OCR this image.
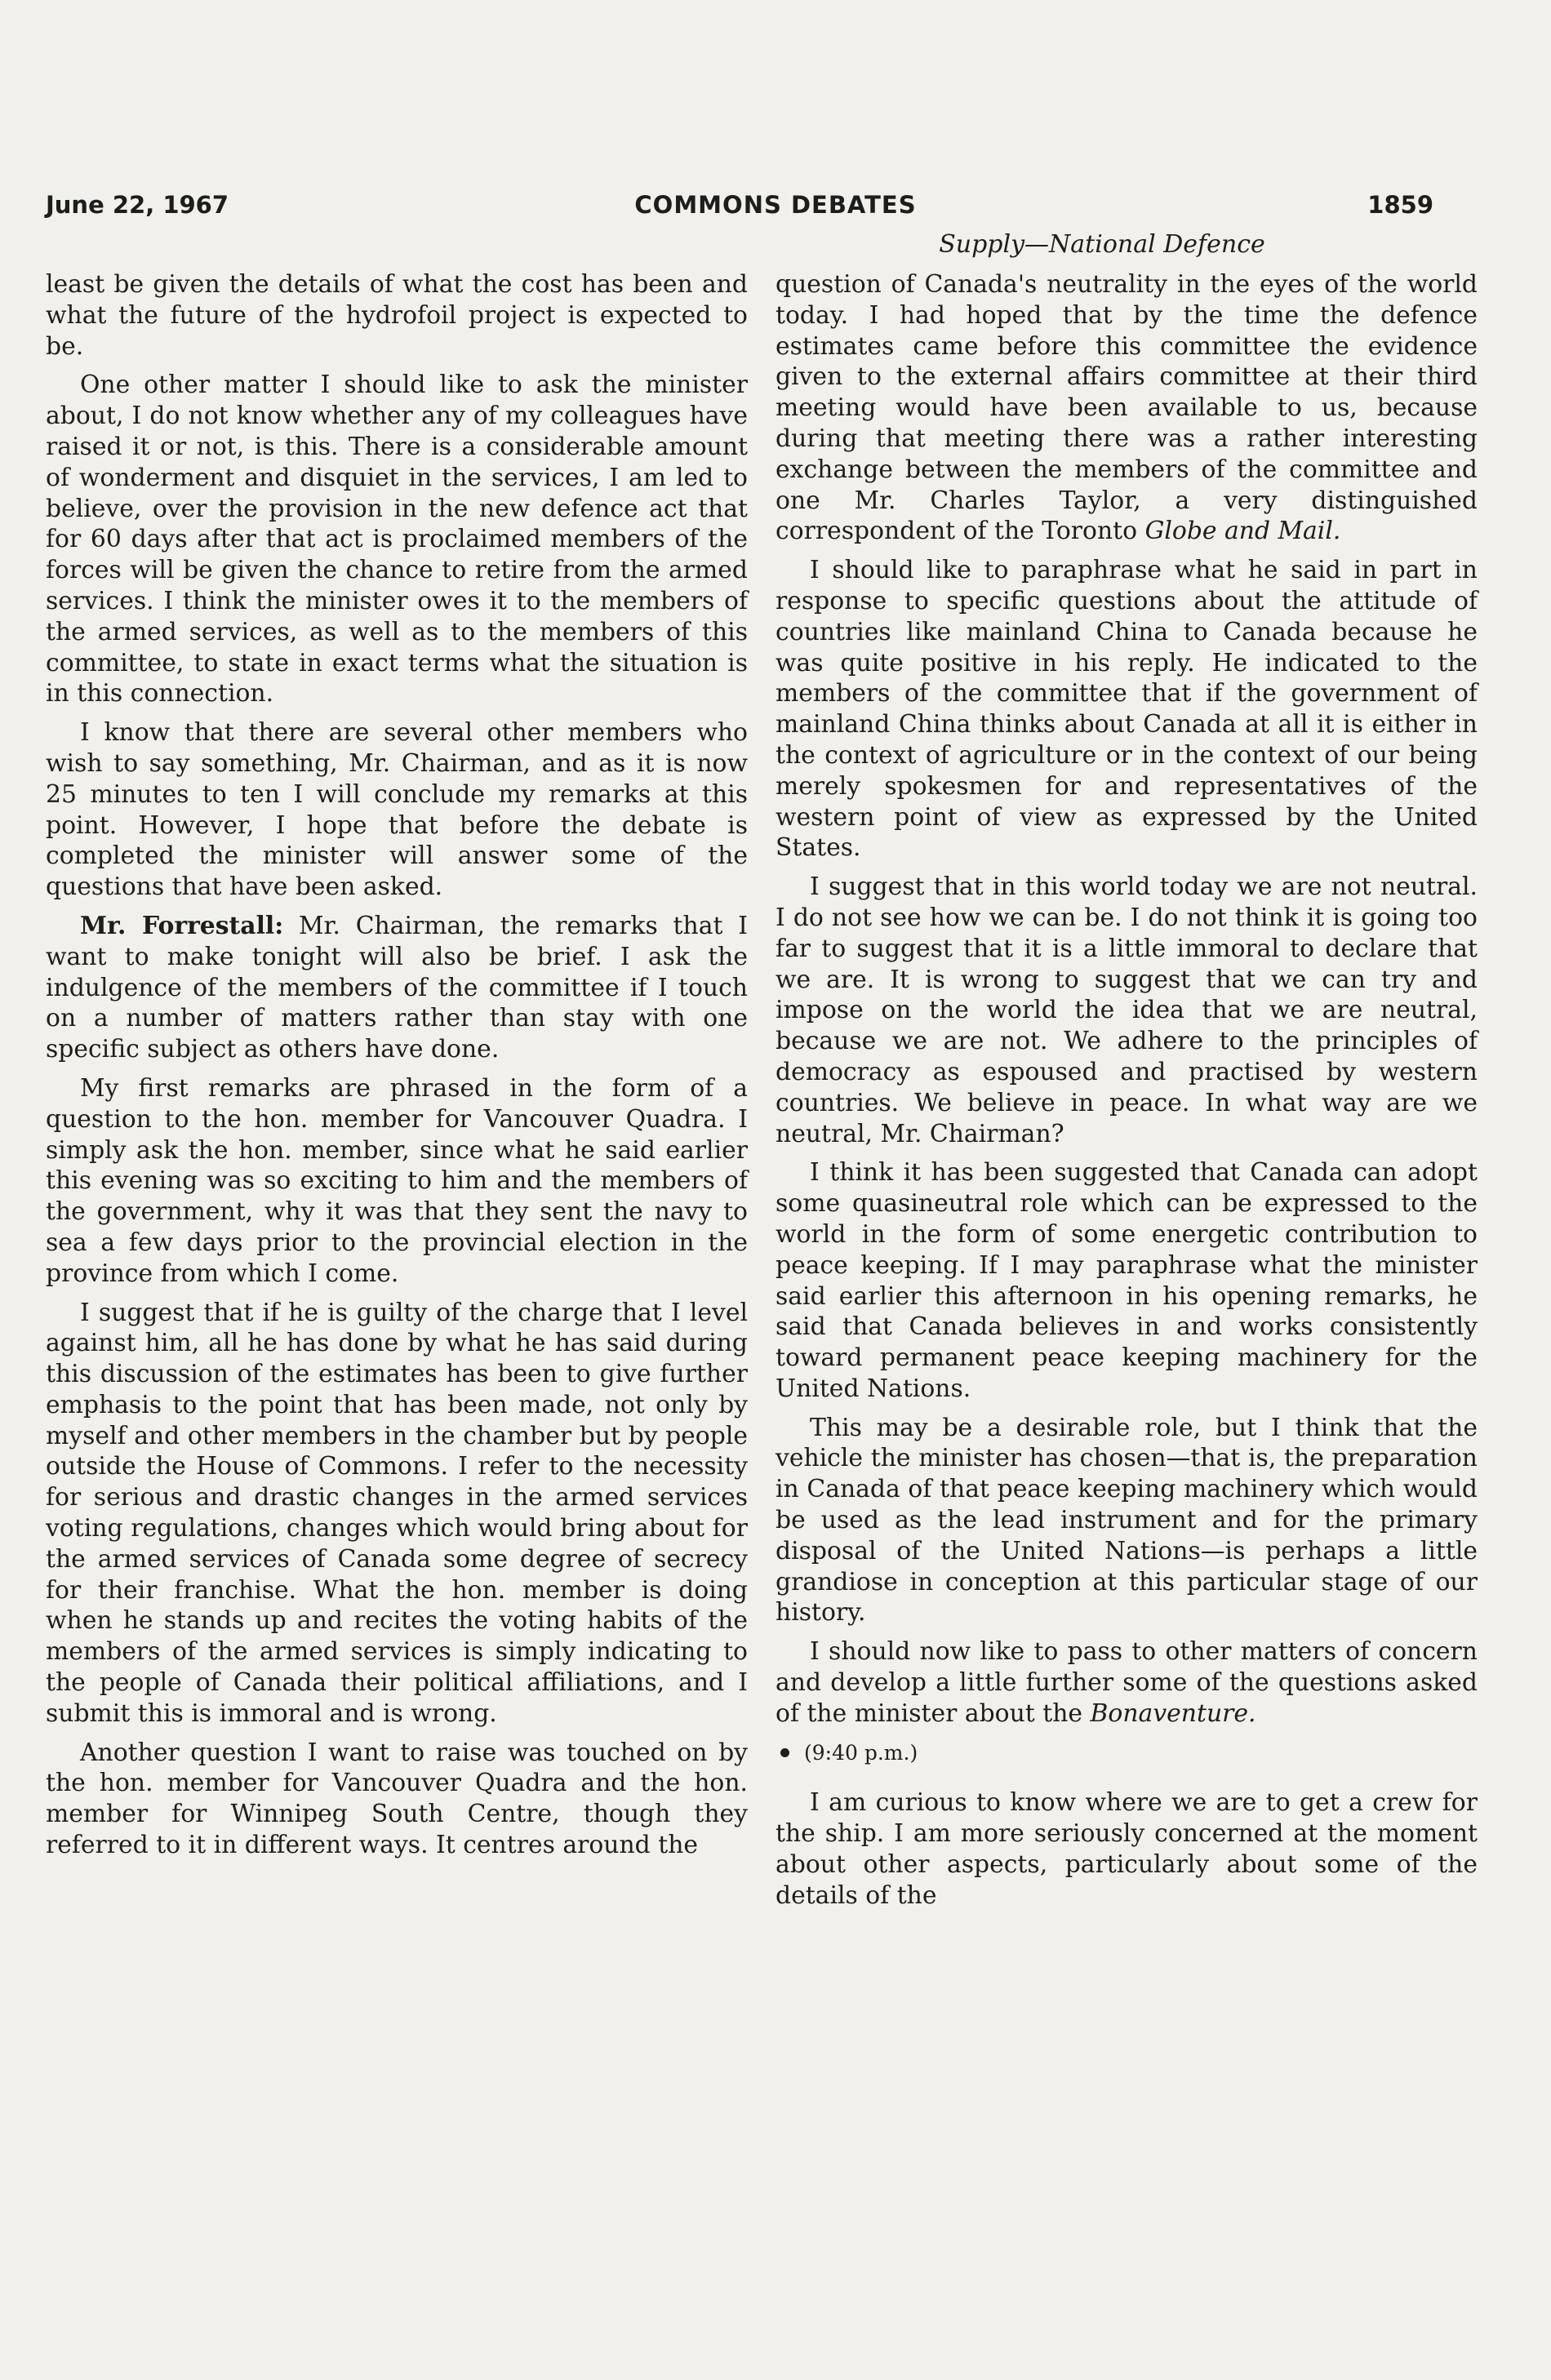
June 22, 1967	COMMONS DEBATES	1859
Supply—National Defence

least be given the details of what the cost has been and what the future of the hydrofoil project is expected to be.

One other matter I should like to ask the minister about, I do not know whether any of my colleagues have raised it or not, is this. There is a considerable amount of wonderment and disquiet in the services, I am led to believe, over the provision in the new defence act that for 60 days after that act is proclaimed members of the forces will be given the chance to retire from the armed services. I think the minister owes it to the members of the armed services, as well as to the members of this committee, to state in exact terms what the situation is in this connection.

I know that there are several other members who wish to say something, Mr. Chairman, and as it is now 25 minutes to ten I will conclude my remarks at this point. However, I hope that before the debate is completed the minister will answer some of the questions that have been asked.

Mr. Forrestall: Mr. Chairman, the remarks that I want to make tonight will also be brief. I ask the indulgence of the members of the committee if I touch on a number of matters rather than stay with one specific subject as others have done.

My first remarks are phrased in the form of a question to the hon. member for Vancouver Quadra. I simply ask the hon. member, since what he said earlier this evening was so exciting to him and the members of the government, why it was that they sent the navy to sea a few days prior to the provincial election in the province from which I come.

I suggest that if he is guilty of the charge that I level against him, all he has done by what he has said during this discussion of the estimates has been to give further emphasis to the point that has been made, not only by myself and other members in the chamber but by people outside the House of Commons. I refer to the necessity for serious and drastic changes in the armed services voting regulations, changes which would bring about for the armed services of Canada some degree of secrecy for their franchise. What the hon. member is doing when he stands up and recites the voting habits of the members of the armed services is simply indicating to the people of Canada their political affiliations, and I submit this is immoral and is wrong.

Another question I want to raise was touched on by the hon. member for Vancouver Quadra and the hon. member for Winnipeg South Centre, though they referred to it in different ways. It centres around the

question of Canada's neutrality in the eyes of the world today. I had hoped that by the time the defence estimates came before this committee the evidence given to the external affairs committee at their third meeting would have been available to us, because during that meeting there was a rather interesting exchange between the members of the committee and one Mr. Charles Taylor, a very distinguished correspondent of the Toronto Globe and Mail.

I should like to paraphrase what he said in part in response to specific questions about the attitude of countries like mainland China to Canada because he was quite positive in his reply. He indicated to the members of the committee that if the government of mainland China thinks about Canada at all it is either in the context of agriculture or in the context of our being merely spokesmen for and representatives of the western point of view as expressed by the United States.

I suggest that in this world today we are not neutral. I do not see how we can be. I do not think it is going too far to suggest that it is a little immoral to declare that we are. It is wrong to suggest that we can try and impose on the world the idea that we are neutral, because we are not. We adhere to the principles of democracy as espoused and practised by western countries. We believe in peace. In what way are we neutral, Mr. Chairman?

I think it has been suggested that Canada can adopt some quasineutral role which can be expressed to the world in the form of some energetic contribution to peace keeping. If I may paraphrase what the minister said earlier this afternoon in his opening remarks, he said that Canada believes in and works consistently toward permanent peace keeping machinery for the United Nations.

This may be a desirable role, but I think that the vehicle the minister has chosen—that is, the preparation in Canada of that peace keeping machinery which would be used as the lead instrument and for the primary disposal of the United Nations—is perhaps a little grandiose in conception at this particular stage of our history.

I should now like to pass to other matters of concern and develop a little further some of the questions asked of the minister about the Bonaventure.

(9:40 p.m.)

I am curious to know where we are to get a crew for the ship. I am more seriously concerned at the moment about other aspects, particularly about some of the details of the
